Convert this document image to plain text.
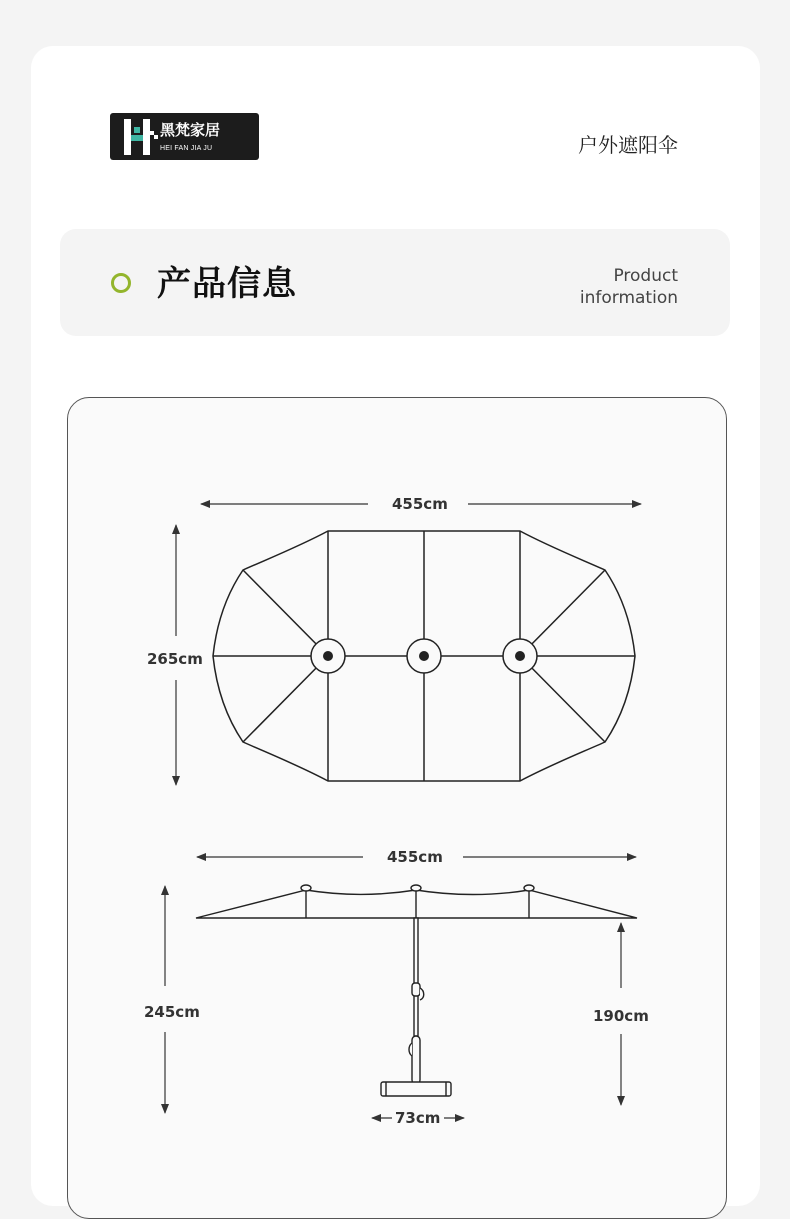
黑梵家居
HEI FAN JIA JU	户外遮阳伞
产品信息	Product
information
455cm
265cm
455cm
245cm	190cm
73cm
